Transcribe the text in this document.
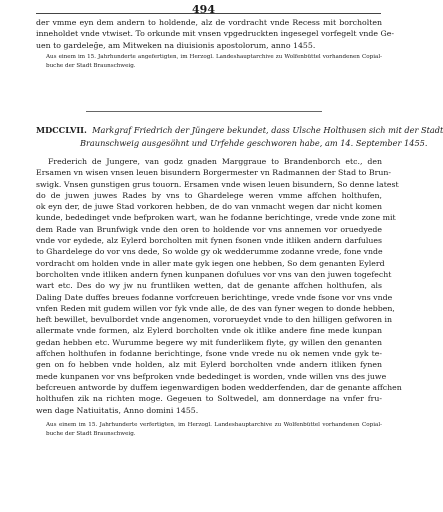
494
der vmme eyn dem andern to holdende, alz de vordracht vnde Recess mit borcholten
inneholdet vnde vtwiset. To orkunde mit vnsen vpgedruckten ingesegel vorfegelt vnde Ge-
uen to gardeleğe, am Mitweken na diuisionis apostolorum, anno 1455.
Aus einem im 15. Jahrhunderte angefertigten, im Herzogl. Landeshauptarchive zu Wolfenbüttel vorhandenen Copial-
buche der Stadt Braunschweig.
MDCCLVII. Markgraf Friedrich der Jüngere bekundet, dass Ulsche Holthusen sich mit der Stadt
Braunschweig ausgesöhnt und Urfehde geschworen habe, am 14. September 1455.
Frederich de Jungere, van godz gnaden Marggraue to Brandenborch etc., den
Ersamen vn wisen vnsen leuen bisundern Borgermester vn Radmannen der Stad to Brun-
swigk. Vnsen gunstigen grus touorn. Ersamen vnde wisen leuen bisundern, So denne latest
do de juwen juwes Rades by vns to Ghardelege weren vmme affchen holthufen,
ok eyn der, de juwe Stad vorkoren hebben, de do van vnmacht wegen dar nicht komen
kunde, bededinget vnde befproken wart, wan he fodanne berichtinge, vrede vnde zone mit
dem Rade van Brunfwigk vnde den oren to holdende vor vns annemen vor oruedyede
vnde vor eydede, alz Eylerd borcholten mit fynen fsonen vnde itliken andern darfulues
to Ghardelege do vor vns dede, So wolde gy ok wedderumme zodanne vrede, fone vnde
vordracht om holden vnde in aller mate gyk iegen one hebben, So dem genanten Eylerd
borcholten vnde itliken andern fynen kunpanen dofulues vor vns van den juwen togefecht
wart etc. Des do wy jw nu fruntliken wetten, dat de genante affchen holthufen, als
Daling Date duffes breues fodanne vorfcreuen berichtinge, vrede vnde fsone vor vns vnde
vnfen Reden mit gudem willen vor fyk vnde alle, de des van fyner wegen to donde hebben,
heft bewillet, bevulbordet vnde angenomen, vororueydet vnde to den hilligen gefworen in
allermate vnde formen, alz Eylerd borcholten vnde ok itlike andere fine mede kunpan
gedan hebben etc. Wurumme begere wy mit funderlikem flyte, gy willen den genanten
affchen holthufen in fodanne berichtinge, fsone vnde vrede nu ok nemen vnde gyk te-
gen on fo hebben vnde holden, alz mit Eylerd borcholten vnde andern itliken fynen
mede kunpanen vor vns befproken vnde bededinget is worden, vnde willen vns des juwe
befcreuen antworde by duffem iegenwardigen boden wedderfenden, dar de genante affchen
holthufen zik na richten moge. Gegeuen to Soltwedel, am donnerdage na vnfer fru-
wen dage Natiuitatis, Anno domini 1455.
Aus einem im 15. Jahrhunderte verfertigten, im Herzogl. Landeshauptarchive zu Wolfenbüttel vorhandenen Copial-
buche der Stadt Braunschweig.
